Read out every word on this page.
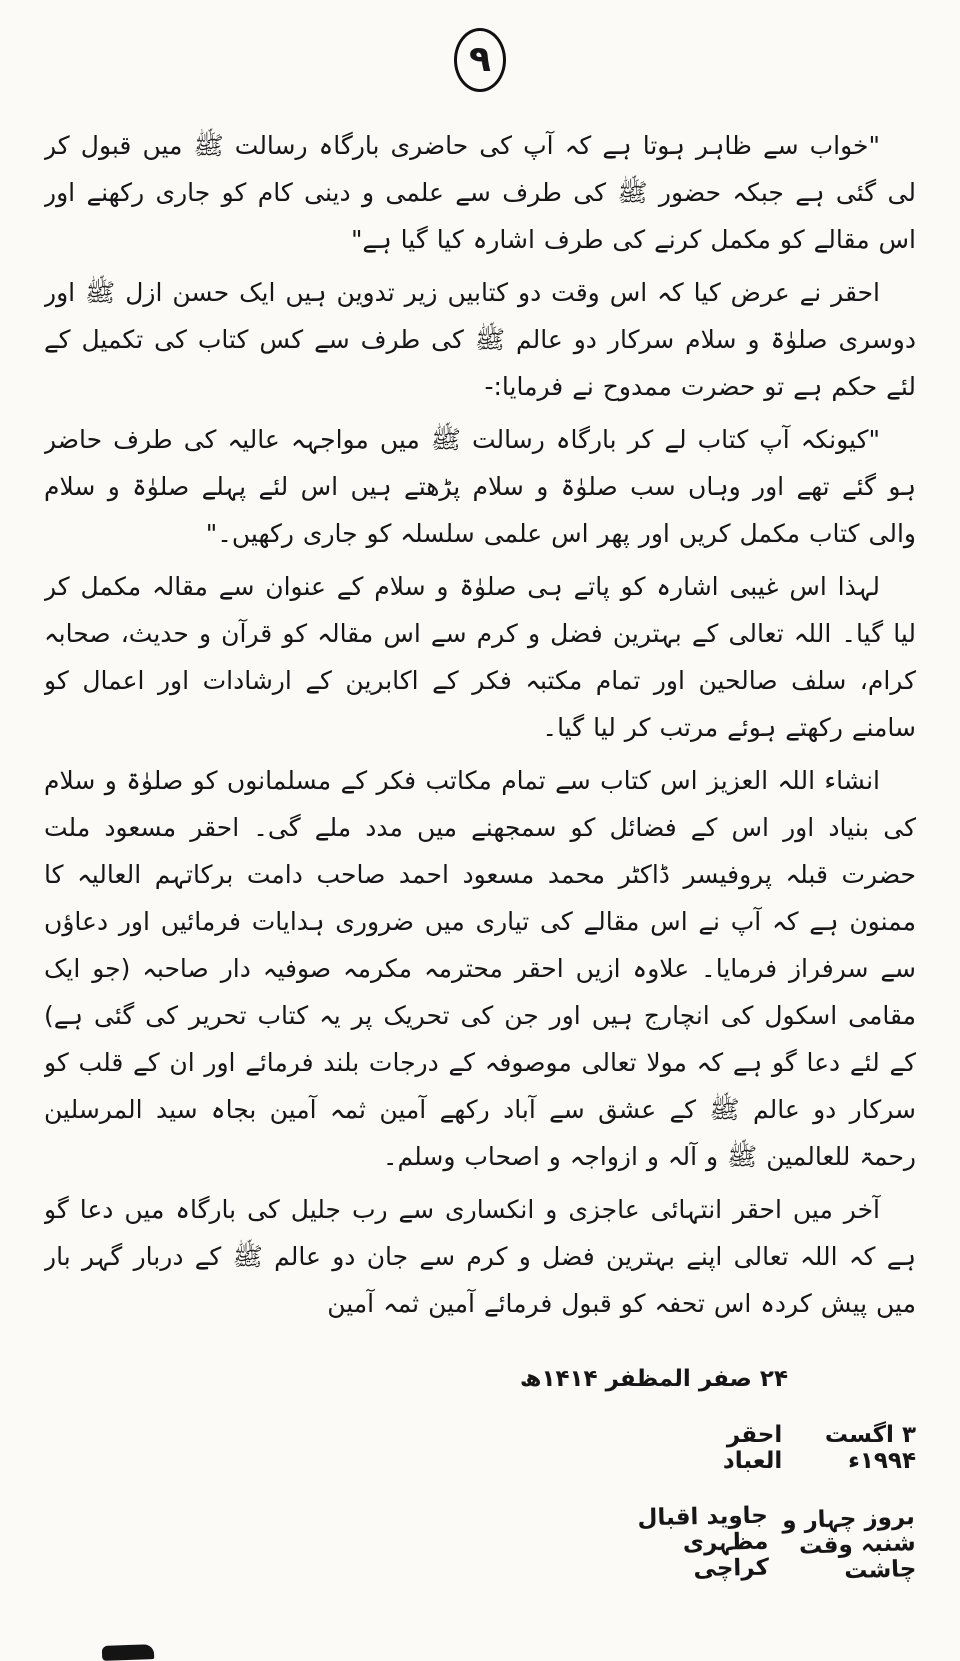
۹

"خواب سے ظاہر ہوتا ہے کہ آپ کی حاضری بارگاہ رسالت ﷺ میں قبول کر لی گئی ہے جبکہ حضور ﷺ کی طرف سے علمی و دینی کام کو جاری رکھنے اور اس مقالے کو مکمل کرنے کی طرف اشارہ کیا گیا ہے"

احقر نے عرض کیا کہ اس وقت دو کتابیں زیر تدوین ہیں ایک حسن ازل ﷺ اور دوسری صلوٰۃ و سلام سرکار دو عالم ﷺ کی طرف سے کس کتاب کی تکمیل کے لئے حکم ہے تو حضرت ممدوح نے فرمایا:-

"کیونکہ آپ کتاب لے کر بارگاہ رسالت ﷺ میں مواجہہ عالیہ کی طرف حاضر ہو گئے تھے اور وہاں سب صلوٰۃ و سلام پڑھتے ہیں اس لئے پہلے صلوٰۃ و سلام والی کتاب مکمل کریں اور پھر اس علمی سلسلہ کو جاری رکھیں۔"

لہذا اس غیبی اشارہ کو پاتے ہی صلوٰۃ و سلام کے عنوان سے مقالہ مکمل کر لیا گیا۔ اللہ تعالی کے بہترین فضل و کرم سے اس مقالہ کو قرآن و حدیث، صحابہ کرام، سلف صالحین اور تمام مکتبہ فکر کے اکابرین کے ارشادات اور اعمال کو سامنے رکھتے ہوئے مرتب کر لیا گیا۔

انشاء اللہ العزیز اس کتاب سے تمام مکاتب فکر کے مسلمانوں کو صلوٰۃ و سلام کی بنیاد اور اس کے فضائل کو سمجھنے میں مدد ملے گی۔ احقر مسعود ملت حضرت قبلہ پروفیسر ڈاکٹر محمد مسعود احمد صاحب دامت برکاتہم العالیہ کا ممنون ہے کہ آپ نے اس مقالے کی تیاری میں ضروری ہدایات فرمائیں اور دعاؤں سے سرفراز فرمایا۔ علاوہ ازیں احقر محترمہ مکرمہ صوفیہ دار صاحبہ (جو ایک مقامی اسکول کی انچارج ہیں اور جن کی تحریک پر یہ کتاب تحریر کی گئی ہے) کے لئے دعا گو ہے کہ مولا تعالی موصوفہ کے درجات بلند فرمائے اور ان کے قلب کو سرکار دو عالم ﷺ کے عشق سے آباد رکھے آمین ثمہ آمین بجاہ سید المرسلین رحمۃ للعالمین ﷺ و آلہ و ازواجہ و اصحاب وسلم۔

آخر میں احقر انتہائی عاجزی و انکساری سے رب جلیل کی بارگاہ میں دعا گو ہے کہ اللہ تعالی اپنے بہترین فضل و کرم سے جان دو عالم ﷺ کے دربار گہر بار میں پیش کردہ اس تحفہ کو قبول فرمائے آمین ثمہ آمین

۲۴ صفر المظفر ۱۴۱۴ھ
۳ اگست ۱۹۹۴ء
احقر العباد
بروز چہار و شنبہ وقت چاشت
جاوید اقبال مظہری کراچی
